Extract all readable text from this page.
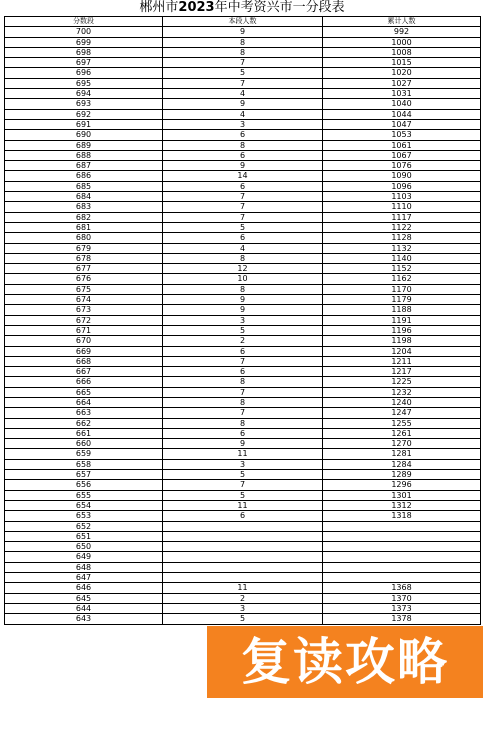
郴州市2023年中考资兴市一分段表
分数段	本段人数	累计人数
700	9	992
699	8	1000
698	8	1008
697	7	1015
696	5	1020
695	7	1027
694	4	1031
693	9	1040
692	4	1044
691	3	1047
690	6	1053
689	8	1061
688	6	1067
687	9	1076
686	14	1090
685	6	1096
684	7	1103
683	7	1110
682	7	1117
681	5	1122
680	6	1128
679	4	1132
678	8	1140
677	12	1152
676	10	1162
675	8	1170
674	9	1179
673	9	1188
672	3	1191
671	5	1196
670	2	1198
669	6	1204
668	7	1211
667	6	1217
666	8	1225
665	7	1232
664	8	1240
663	7	1247
662	8	1255
661	6	1261
660	9	1270
659	11	1281
658	3	1284
657	5	1289
656	7	1296
655	5	1301
654	11	1312
653	6	1318
652		
651		
650		
649		
648		
647		
646	11	1368
645	2	1370
644	3	1373
643	5	1378
复读攻略
